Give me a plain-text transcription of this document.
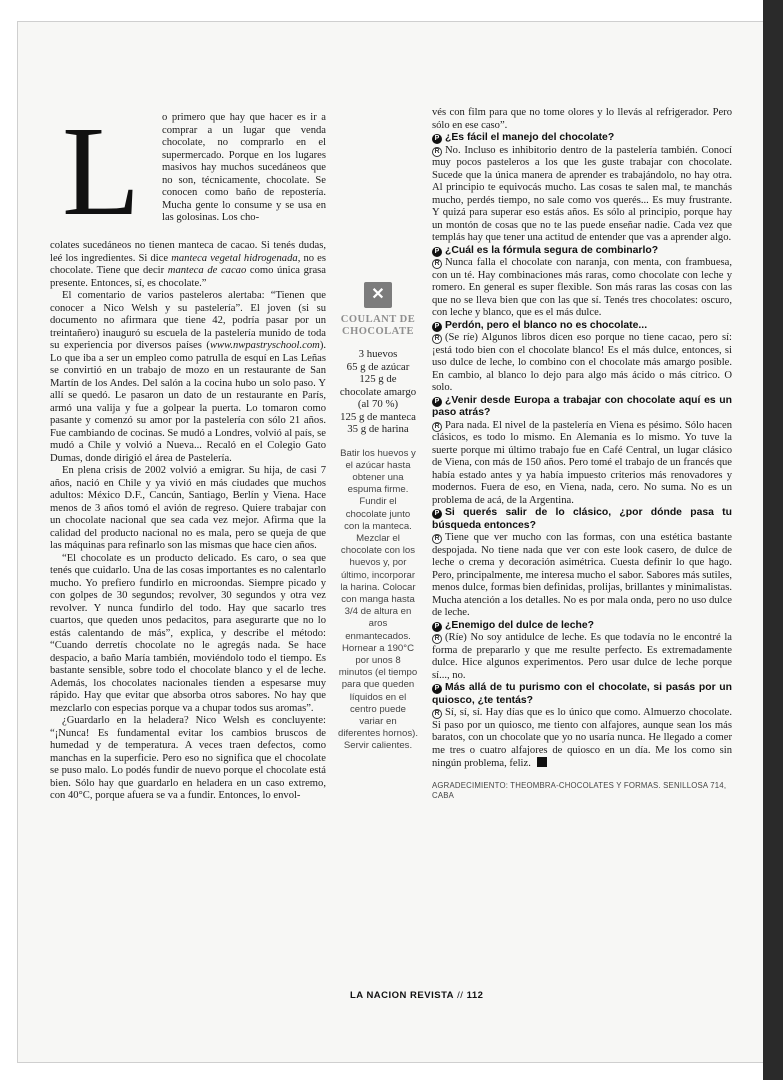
L o primero que hay que hacer es ir a comprar a un lugar que venda chocolate, no comprarlo en el supermercado. Porque en los lugares masivos hay muchos sucedáneos que no son, técnicamente, chocolate. Se conocen como baño de repostería. Mucha gente lo consume y se usa en las golosinas. Los cho-

colates sucedáneos no tienen manteca de cacao. Si tenés dudas, leé los ingredientes. Si dice manteca vegetal hidrogenada, no es chocolate. Tiene que decir manteca de cacao como única grasa presente. Entonces, sí, es chocolate.”

El comentario de varios pasteleros alertaba: “Tienen que conocer a Nico Welsh y su pastelería”. El joven (si su documento no afirmara que tiene 42, podría pasar por un treintañero) inauguró su escuela de la pastelería munido de toda su experiencia por diversos países (www.nwpastryschool.com). Lo que iba a ser un empleo como patrulla de esquí en Las Leñas se convirtió en un trabajo de mozo en un restaurante de San Martín de los Andes. Del salón a la cocina hubo un solo paso. Y allí se quedó. Le pasaron un dato de un restaurante en París, armó una valija y fue a golpear la puerta. Lo tomaron como pasante y comenzó su amor por la pastelería con sólo 21 años. Fue cambiando de cocinas. Se mudó a Londres, volvió al país, se mudó a Chile y volvió a Nueva... Recaló en el Colegio Gato Dumas, donde dirigió el área de Pastelería.

En plena crisis de 2002 volvió a emigrar. Su hija, de casi 7 años, nació en Chile y ya vivió en más ciudades que muchos adultos: México D.F., Cancún, Santiago, Berlín y Viena. Hace menos de 3 años tomó el avión de regreso. Quiere trabajar con un chocolate nacional que sea cada vez mejor. Afirma que la calidad del producto nacional no es mala, pero se queja de que las máquinas para refinarlo son las mismas que hace cien años.

“El chocolate es un producto delicado. Es caro, o sea que tenés que cuidarlo. Una de las cosas importantes es no calentarlo mucho. Yo prefiero fundirlo en microondas. Siempre picado y con golpes de 30 segundos; revolver, 30 segundos y otra vez revolver. Y nunca fundirlo del todo. Hay que sacarlo tres cuartos, que queden unos pedacitos, para asegurarte que no lo estás calentando de más”, explica, y describe el método: “Cuando derretís chocolate no le agregás nada. Se hace despacio, a baño María también, moviéndolo todo el tiempo. Es bastante sensible, sobre todo el chocolate blanco y el de leche. Además, los chocolates nacionales tienden a espesarse muy rápido. Hay que evitar que absorba otros sabores. No hay que mezclarlo con especias porque va a chupar todos sus aromas”.

¿Guardarlo en la heladera? Nico Welsh es concluyente: “¡Nunca! Es fundamental evitar los cambios bruscos de humedad y de temperatura. A veces traen defectos, como manchas en la superficie. Pero eso no significa que el chocolate se puso malo. Lo podés fundir de nuevo porque el chocolate está bien. Sólo hay que guardarlo en heladera en un caso extremo, con 40°C, porque afuera se va a fundir. Entonces, lo envol-

✕
COULANT DE CHOCOLATE
3 huevos
65 g de azúcar
125 g de chocolate amargo
(al 70 %)
125 g de manteca
35 g de harina
Batir los huevos y el azúcar hasta obtener una espuma firme. Fundir el chocolate junto con la manteca. Mezclar el chocolate con los huevos y, por último, incorporar la harina. Colocar con manga hasta 3/4 de altura en aros enmantecados. Hornear a 190°C por unos 8 minutos (el tiempo para que queden líquidos en el centro puede variar en diferentes hornos). Servir calientes.

vés con film para que no tome olores y lo llevás al refrigerador. Pero sólo en ese caso”.

P ¿Es fácil el manejo del chocolate?

R No. Incluso es inhibitorio dentro de la pastelería también. Conocí muy pocos pasteleros a los que les guste trabajar con chocolate. Sucede que la única manera de aprender es trabajándolo, no hay otra. Al principio te equivocás mucho. Las cosas te salen mal, te manchás mucho, perdés tiempo, no sale como vos querés... Es muy frustrante. Y quizá para superar eso estás años. Es sólo al principio, porque hay un montón de cosas que no te las puede enseñar nadie. Cada vez que templás hay que tener una actitud de entender que vas a aprender algo.

P ¿Cuál es la fórmula segura de combinarlo?

R Nunca falla el chocolate con naranja, con menta, con frambuesa, con un té. Hay combinaciones más raras, como chocolate con leche y romero. En general es super flexible. Son más raras las cosas con las que no se lleva bien que con las que sí. Tenés tres chocolates: oscuro, con leche y blanco, que es el más dulce.

P Perdón, pero el blanco no es chocolate...

R (Se ríe) Algunos libros dicen eso porque no tiene cacao, pero sí: ¡está todo bien con el chocolate blanco! Es el más dulce, entonces, si uso dulce de leche, lo combino con el chocolate más amargo posible. En cambio, al blanco lo dejo para algo más ácido o más cítrico. O solo.

P ¿Venir desde Europa a trabajar con chocolate aquí es un paso atrás?

R Para nada. El nivel de la pastelería en Viena es pésimo. Sólo hacen clásicos, es todo lo mismo. En Alemania es lo mismo. Yo tuve la suerte porque mi último trabajo fue en Café Central, un lugar clásico de Viena, con más de 150 años. Pero tomé el trabajo de un francés que había estado antes y ya había impuesto criterios más renovadores y modernos. Fuera de eso, en Viena, nada, cero. No suma. No es un problema de acá, de la Argentina.

P Si querés salir de lo clásico, ¿por dónde pasa tu búsqueda entonces?

R Tiene que ver mucho con las formas, con una estética bastante despojada. No tiene nada que ver con este look casero, de dulce de leche o crema y decoración asimétrica. Cuesta definir lo que hago. Pero, principalmente, me interesa mucho el sabor. Sabores más sutiles, menos dulce, formas bien definidas, prolijas, brillantes y minimalistas. Mucha atención a los detalles. No es por mala onda, pero no uso dulce de leche.

P ¿Enemigo del dulce de leche?

R (Ríe) No soy antidulce de leche. Es que todavía no le encontré la forma de prepararlo y que me resulte perfecto. Es extremadamente dulce. Hice algunos experimentos. Pero usar dulce de leche porque sí..., no.

P Más allá de tu purismo con el chocolate, si pasás por un quiosco, ¿te tentás?

R Sí, sí, sí. Hay días que es lo único que como. Almuerzo chocolate. Si paso por un quiosco, me tiento con alfajores, aunque sean los más baratos, con un chocolate que yo no usaría nunca. He llegado a comer me tres o cuatro alfajores de quiosco en un día. Me los como sin ningún problema, feliz.

AGRADECIMIENTO: THEOMBRA-CHOCOLATES Y FORMAS. SENILLOSA 714, CABA
LA NACION REVISTA // 112
